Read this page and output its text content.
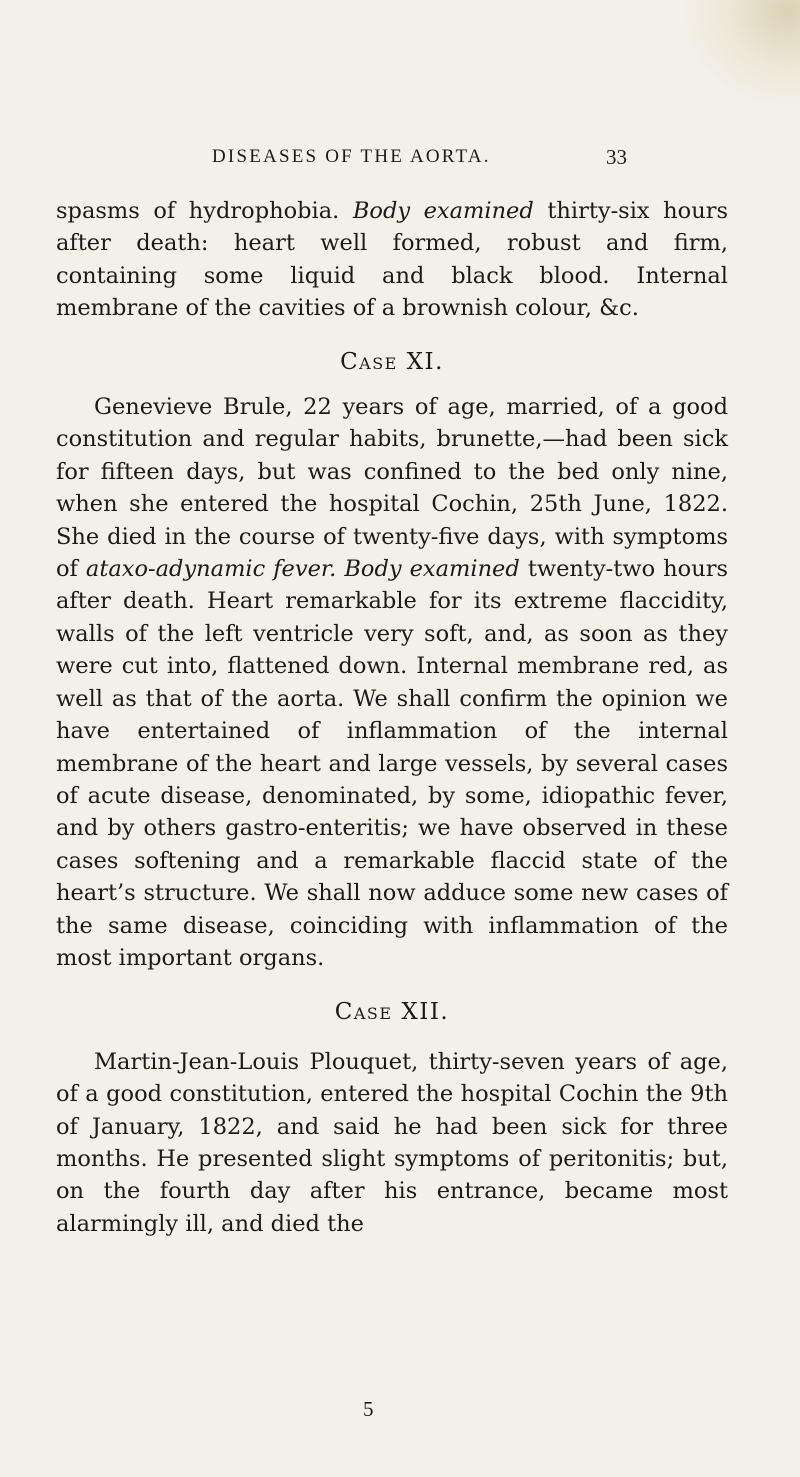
DISEASES OF THE AORTA.	33

spasms of hydrophobia. Body examined thirty-six hours after death: heart well formed, robust and firm, containing some liquid and black blood. Internal membrane of the cavities of a brownish colour, &c.

Case XI.

Genevieve Brule, 22 years of age, married, of a good constitution and regular habits, brunette,—had been sick for fifteen days, but was confined to the bed only nine, when she entered the hospital Cochin, 25th June, 1822. She died in the course of twenty-five days, with symptoms of ataxo-adynamic fever. Body examined twenty-two hours after death. Heart remarkable for its extreme flaccidity, walls of the left ventricle very soft, and, as soon as they were cut into, flattened down. Internal membrane red, as well as that of the aorta. We shall confirm the opinion we have entertained of inflammation of the internal membrane of the heart and large vessels, by several cases of acute disease, denominated, by some, idiopathic fever, and by others gastro-enteritis; we have observed in these cases softening and a remarkable flaccid state of the heart’s structure. We shall now adduce some new cases of the same disease, coinciding with inflammation of the most important organs.

Case XII.

Martin-Jean-Louis Plouquet, thirty-seven years of age, of a good constitution, entered the hospital Cochin the 9th of January, 1822, and said he had been sick for three months. He presented slight symptoms of peritonitis; but, on the fourth day after his entrance, became most alarmingly ill, and died the

5
